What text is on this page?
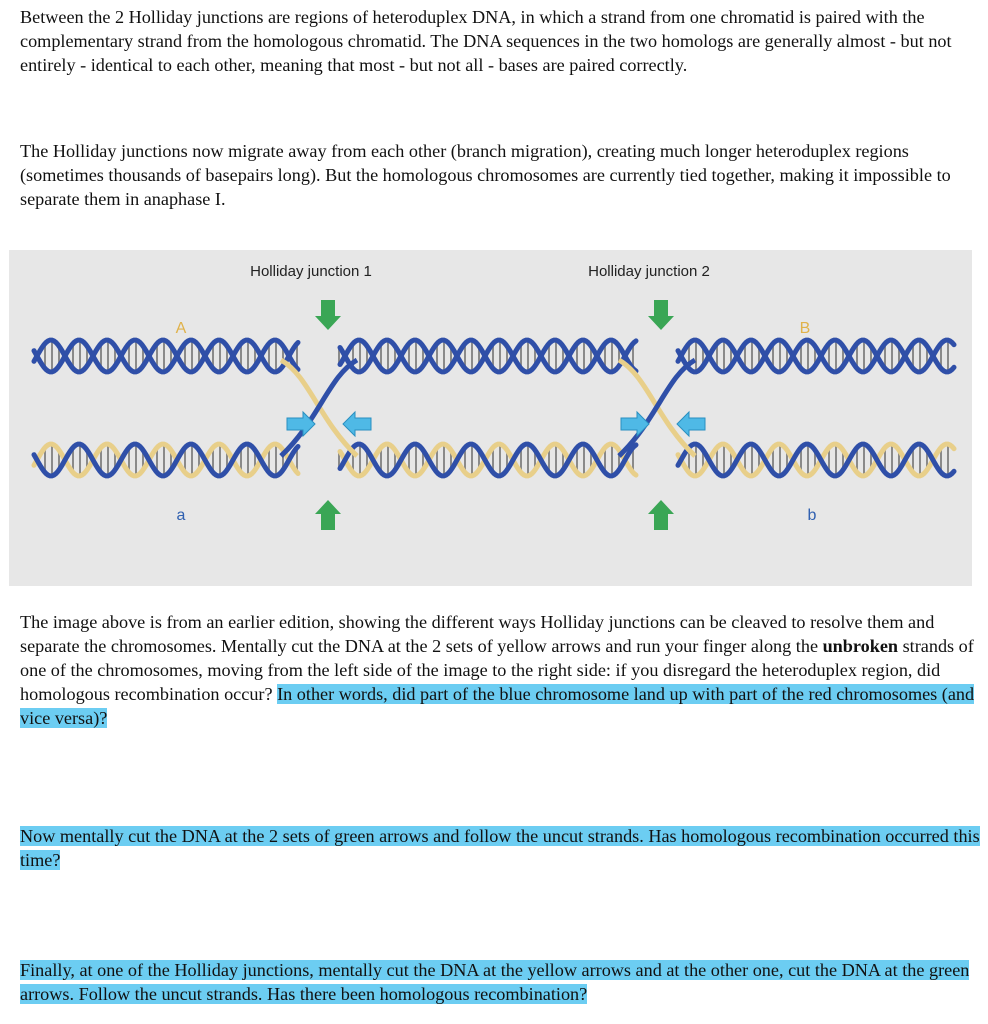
Between the 2 Holliday junctions are regions of heteroduplex DNA, in which a strand from one chromatid is paired with the complementary strand from the homologous chromatid. The DNA sequences in the two homologs are generally almost - but not entirely - identical to each other, meaning that most - but not all - bases are paired correctly.

The Holliday junctions now migrate away from each other (branch migration), creating much longer heteroduplex regions (sometimes thousands of basepairs long). But the homologous chromosomes are currently tied together, making it impossible to separate them in anaphase I.

Holliday junction 1	Holliday junction 2
A	B
a	b

The image above is from an earlier edition, showing the different ways Holliday junctions can be cleaved to resolve them and separate the chromosomes. Mentally cut the DNA at the 2 sets of yellow arrows and run your finger along the unbroken strands of one of the chromosomes, moving from the left side of the image to the right side: if you disregard the heteroduplex region, did homologous recombination occur? In other words, did part of the blue chromosome land up with part of the red chromosomes (and vice versa)?

Now mentally cut the DNA at the 2 sets of green arrows and follow the uncut strands. Has homologous recombination occurred this time?

Finally, at one of the Holliday junctions, mentally cut the DNA at the yellow arrows and at the other one, cut the DNA at the green arrows. Follow the uncut strands. Has there been homologous recombination?
